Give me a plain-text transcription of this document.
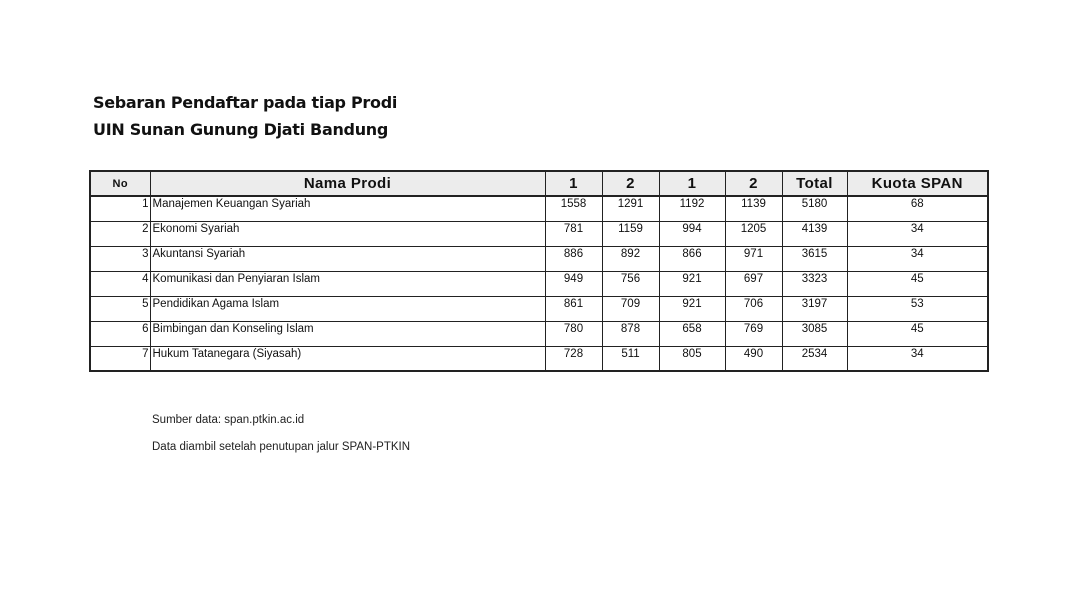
Sebaran Pendaftar pada tiap Prodi
UIN Sunan Gunung Djati Bandung
No	Nama Prodi	1	2	1	2	Total	Kuota SPAN
1	Manajemen Keuangan Syariah	1558	1291	1192	1139	5180	68
2	Ekonomi Syariah	781	1159	994	1205	4139	34
3	Akuntansi Syariah	886	892	866	971	3615	34
4	Komunikasi dan Penyiaran Islam	949	756	921	697	3323	45
5	Pendidikan Agama Islam	861	709	921	706	3197	53
6	Bimbingan dan Konseling Islam	780	878	658	769	3085	45
7	Hukum Tatanegara (Siyasah)	728	511	805	490	2534	34
Sumber data: span.ptkin.ac.id
Data diambil setelah penutupan jalur SPAN-PTKIN
